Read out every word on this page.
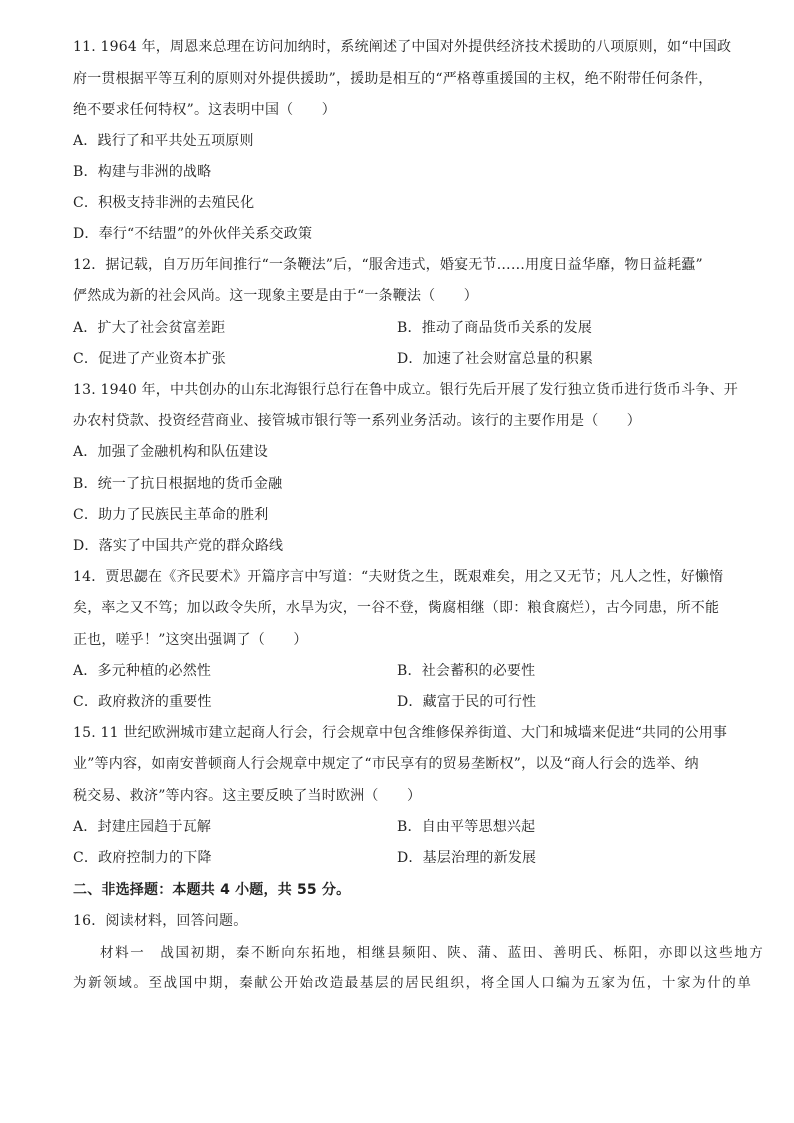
11. 1964 年，周恩来总理在访问加纳时，系统阐述了中国对外提供经济技术援助的八项原则，如“中国政
府一贯根据平等互利的原则对外提供援助”，援助是相互的“严格尊重援国的主权，绝不附带任何条件，
绝不要求任何特权”。这表明中国（　　）
A．践行了和平共处五项原则
B．构建与非洲的战略
C．积极支持非洲的去殖民化
D．奉行“不结盟”的外伙伴关系交政策
12．据记载，自万历年间推行“一条鞭法”后，“服舍违式，婚宴无节……用度日益华靡，物日益耗蠹”
俨然成为新的社会风尚。这一现象主要是由于“一条鞭法（　　）
A．扩大了社会贫富差距	B．推动了商品货币关系的发展
C．促进了产业资本扩张	D．加速了社会财富总量的积累
13. 1940 年，中共创办的山东北海银行总行在鲁中成立。银行先后开展了发行独立货币进行货币斗争、开
办农村贷款、投资经营商业、接管城市银行等一系列业务活动。该行的主要作用是（　　）
A．加强了金融机构和队伍建设
B．统一了抗日根据地的货币金融
C．助力了民族民主革命的胜利
D．落实了中国共产党的群众路线
14．贾思勰在《齐民要术》开篇序言中写道：“夫财货之生，既艰难矣，用之又无节；凡人之性，好懒惰
矣，率之又不笃；加以政令失所，水旱为灾，一谷不登，胔腐相继（即：粮食腐烂），古今同患，所不能
正也，嗟乎！”这突出强调了（　　）
A．多元种植的必然性	B．社会蓄积的必要性
C．政府救济的重要性	D．藏富于民的可行性
15. 11 世纪欧洲城市建立起商人行会，行会规章中包含维修保养街道、大门和城墙来促进“共同的公用事
业”等内容，如南安普顿商人行会规章中规定了“市民享有的贸易垄断权”，以及“商人行会的选举、纳
税交易、救济”等内容。这主要反映了当时欧洲（　　）
A．封建庄园趋于瓦解	B．自由平等思想兴起
C．政府控制力的下降	D．基层治理的新发展
二、非选择题：本题共 4 小题，共 55 分。
16．阅读材料，回答问题。
材料一　战国初期，秦不断向东拓地，相继县频阳、陕、蒲、蓝田、善明氏、栎阳，亦即以这些地方
为新领域。至战国中期，秦献公开始改造最基层的居民组织，将全国人口编为五家为伍，十家为什的单
